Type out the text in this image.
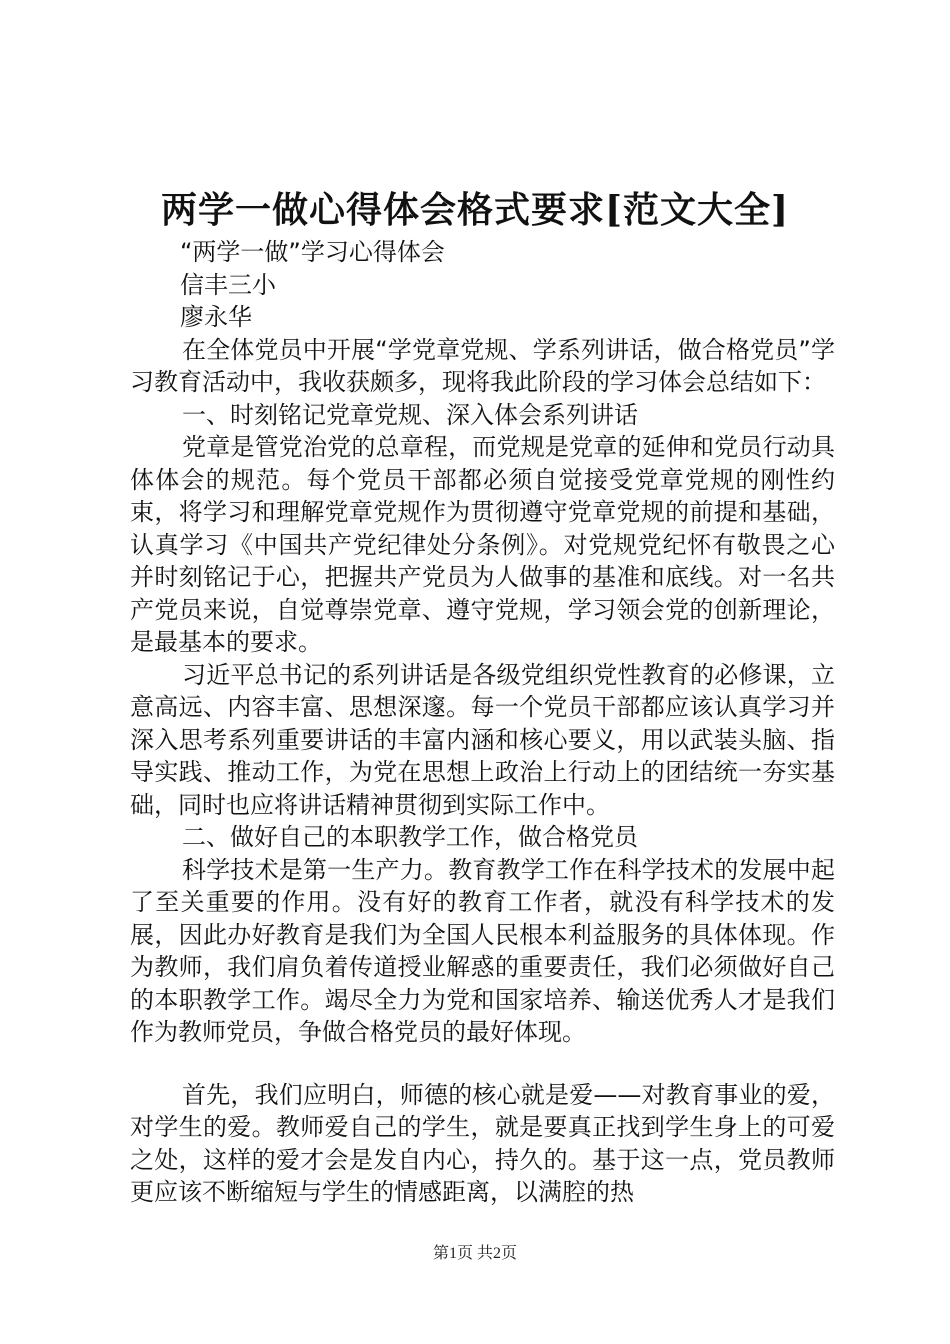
两学一做心得体会格式要求[范文大全]
“两学一做”学习心得体会
信丰三小
廖永华
在全体党员中开展“学党章党规、学系列讲话，做合格党员”学习教育活动中，我收获颇多，现将我此阶段的学习体会总结如下：
一、时刻铭记党章党规、深入体会系列讲话
党章是管党治党的总章程，而党规是党章的延伸和党员行动具体体会的规范。每个党员干部都必须自觉接受党章党规的刚性约束，将学习和理解党章党规作为贯彻遵守党章党规的前提和基础，认真学习《中国共产党纪律处分条例》。对党规党纪怀有敬畏之心并时刻铭记于心，把握共产党员为人做事的基准和底线。对一名共产党员来说，自觉尊崇党章、遵守党规，学习领会党的创新理论，是最基本的要求。
习近平总书记的系列讲话是各级党组织党性教育的必修课，立意高远、内容丰富、思想深邃。每一个党员干部都应该认真学习并深入思考系列重要讲话的丰富内涵和核心要义，用以武装头脑、指导实践、推动工作，为党在思想上政治上行动上的团结统一夯实基础，同时也应将讲话精神贯彻到实际工作中。
二、做好自己的本职教学工作，做合格党员
科学技术是第一生产力。教育教学工作在科学技术的发展中起了至关重要的作用。没有好的教育工作者，就没有科学技术的发展，因此办好教育是我们为全国人民根本利益服务的具体体现。作为教师，我们肩负着传道授业解惑的重要责任，我们必须做好自己的本职教学工作。竭尽全力为党和国家培养、输送优秀人才是我们作为教师党员，争做合格党员的最好体现。
首先，我们应明白，师德的核心就是爱——对教育事业的爱，对学生的爱。教师爱自己的学生，就是要真正找到学生身上的可爱之处，这样的爱才会是发自内心，持久的。基于这一点，党员教师更应该不断缩短与学生的情感距离，以满腔的热
第1页 共2页
